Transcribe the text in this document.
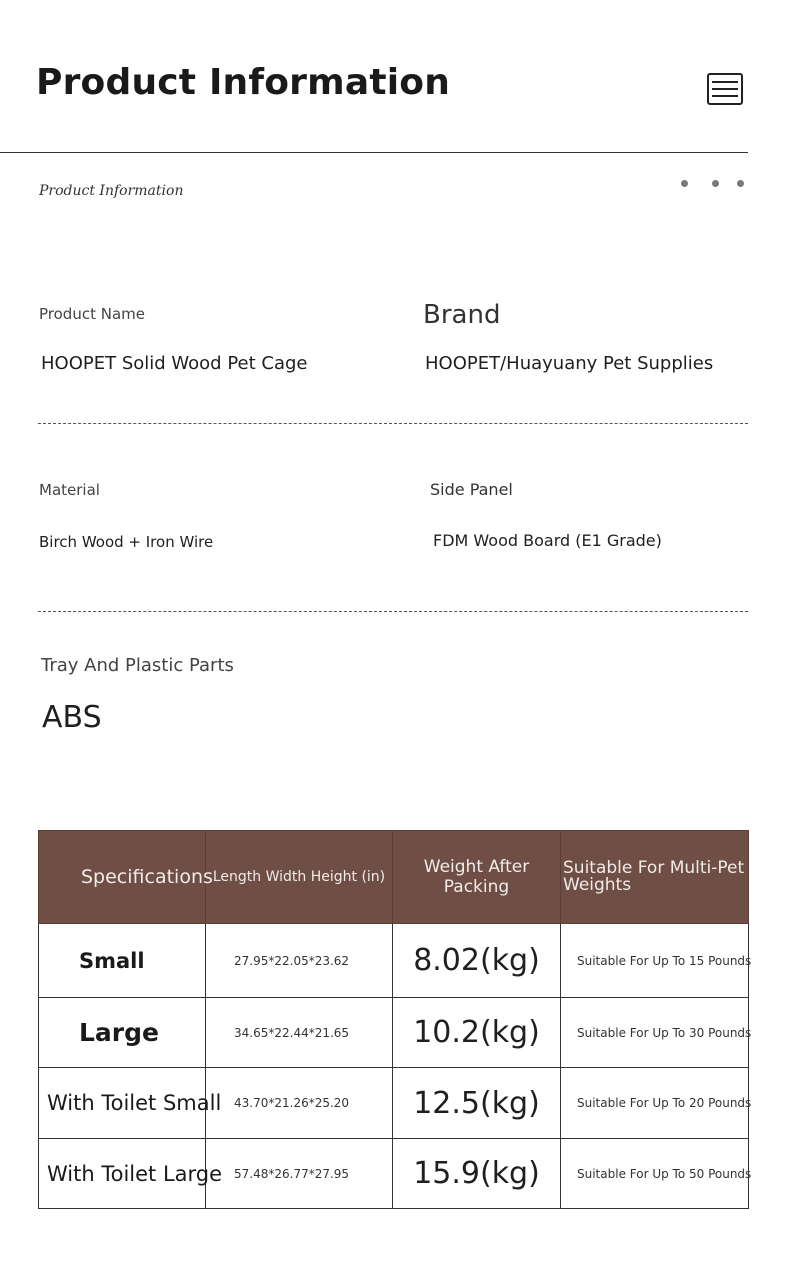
Product Information
Product Information
Product Name
HOOPET Solid Wood Pet Cage
Brand
HOOPET/Huayuany Pet Supplies
Material
Birch Wood + Iron Wire
Side Panel
FDM Wood Board (E1 Grade)
Tray And Plastic Parts
ABS
Specifications	Length Width Height (in)	Weight After Packing	Suitable For Multi-Pet Weights
Small	27.95*22.05*23.62	8.02(kg)	Suitable For Up To 15 Pounds
Large	34.65*22.44*21.65	10.2(kg)	Suitable For Up To 30 Pounds
With Toilet Small	43.70*21.26*25.20	12.5(kg)	Suitable For Up To 20 Pounds
With Toilet Large	57.48*26.77*27.95	15.9(kg)	Suitable For Up To 50 Pounds
